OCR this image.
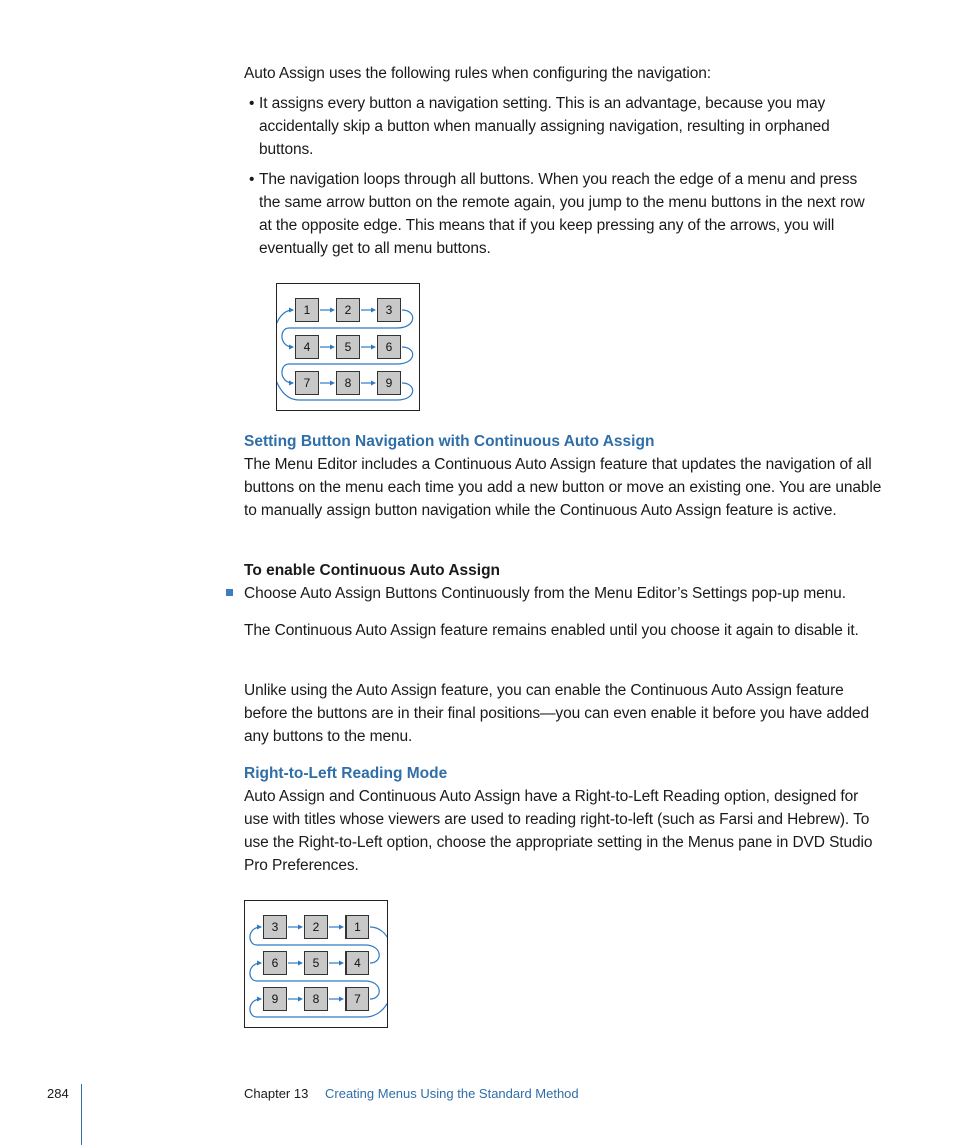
Auto Assign uses the following rules when configuring the navigation:
• It assigns every button a navigation setting. This is an advantage, because you may accidentally skip a button when manually assigning navigation, resulting in orphaned buttons.
• The navigation loops through all buttons. When you reach the edge of a menu and press the same arrow button on the remote again, you jump to the menu buttons in the next row at the opposite edge. This means that if you keep pressing any of the arrows, you will eventually get to all menu buttons.
1	2	3
4	5	6
7	8	9
Setting Button Navigation with Continuous Auto Assign
The Menu Editor includes a Continuous Auto Assign feature that updates the navigation of all buttons on the menu each time you add a new button or move an existing one. You are unable to manually assign button navigation while the Continuous Auto Assign feature is active.
To enable Continuous Auto Assign
Choose Auto Assign Buttons Continuously from the Menu Editor’s Settings pop-up menu.
The Continuous Auto Assign feature remains enabled until you choose it again to disable it.
Unlike using the Auto Assign feature, you can enable the Continuous Auto Assign feature before the buttons are in their final positions—you can even enable it before you have added any buttons to the menu.
Right-to-Left Reading Mode
Auto Assign and Continuous Auto Assign have a Right-to-Left Reading option, designed for use with titles whose viewers are used to reading right-to-left (such as Farsi and Hebrew). To use the Right-to-Left option, choose the appropriate setting in the Menus pane in DVD Studio Pro Preferences.
3	2	1
6	5	4
9	8	7
284	Chapter 13 Creating Menus Using the Standard Method
